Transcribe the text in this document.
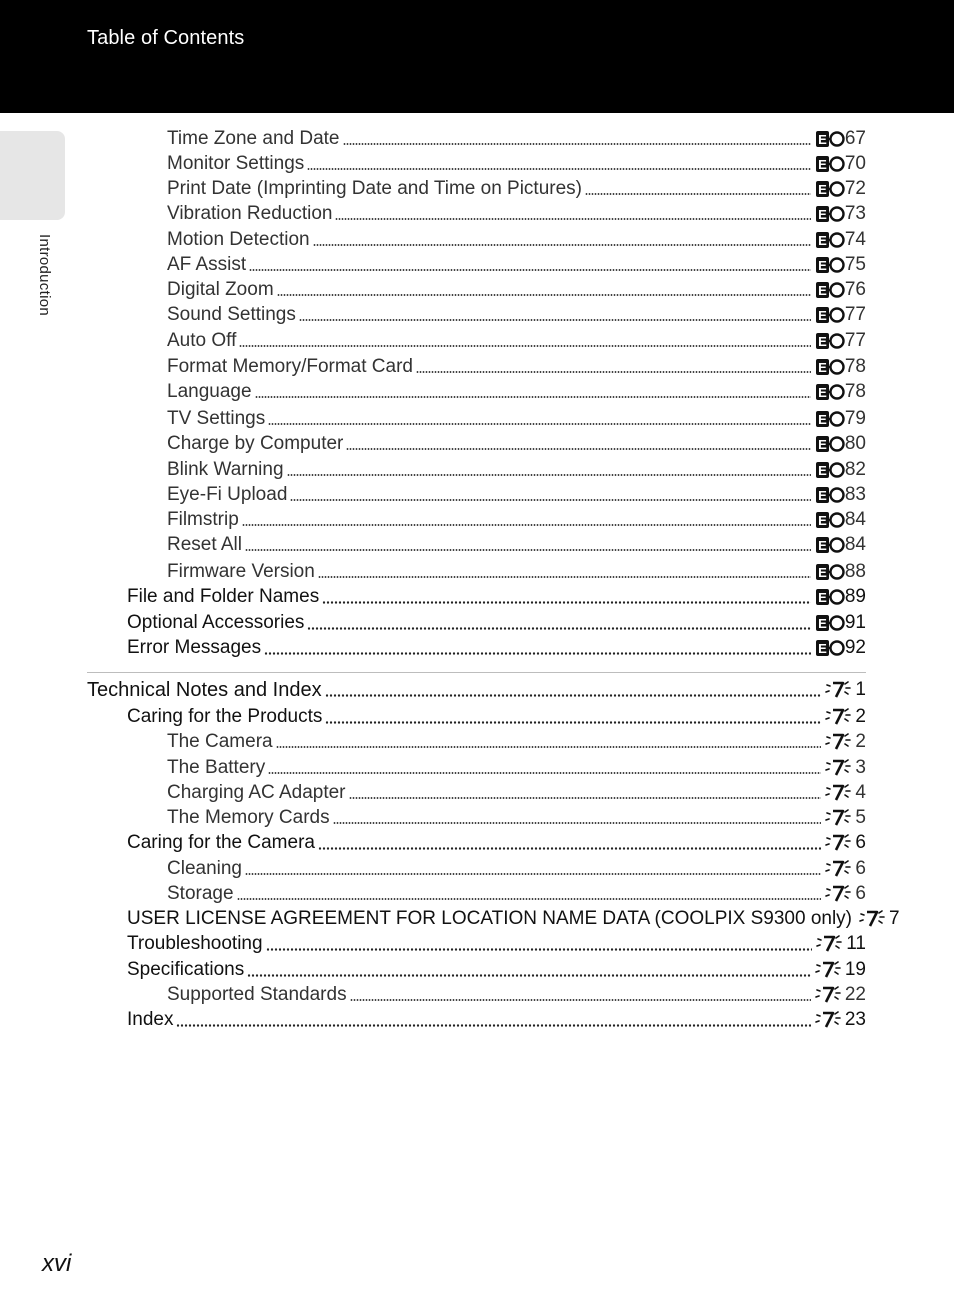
Table of Contents
Introduction
Time Zone and Date	E 67
Monitor Settings	E 70
Print Date (Imprinting Date and Time on Pictures)	E 72
Vibration Reduction	E 73
Motion Detection	E 74
AF Assist	E 75
Digital Zoom	E 76
Sound Settings	E 77
Auto Off	E 77
Format Memory/Format Card	E 78
Language	E 78
TV Settings	E 79
Charge by Computer	E 80
Blink Warning	E 82
Eye-Fi Upload	E 83
Filmstrip	E 84
Reset All	E 84
Firmware Version	E 88
File and Folder Names	E 89
Optional Accessories	E 91
Error Messages	E 92
Technical Notes and Index	1
Caring for the Products	2
The Camera	2
The Battery	3
Charging AC Adapter	4
The Memory Cards	5
Caring for the Camera	6
Cleaning	6
Storage	6
USER LICENSE AGREEMENT FOR LOCATION NAME DATA (COOLPIX S9300 only) 7
Troubleshooting	11
Specifications	19
Supported Standards	22
Index	23
xvi
